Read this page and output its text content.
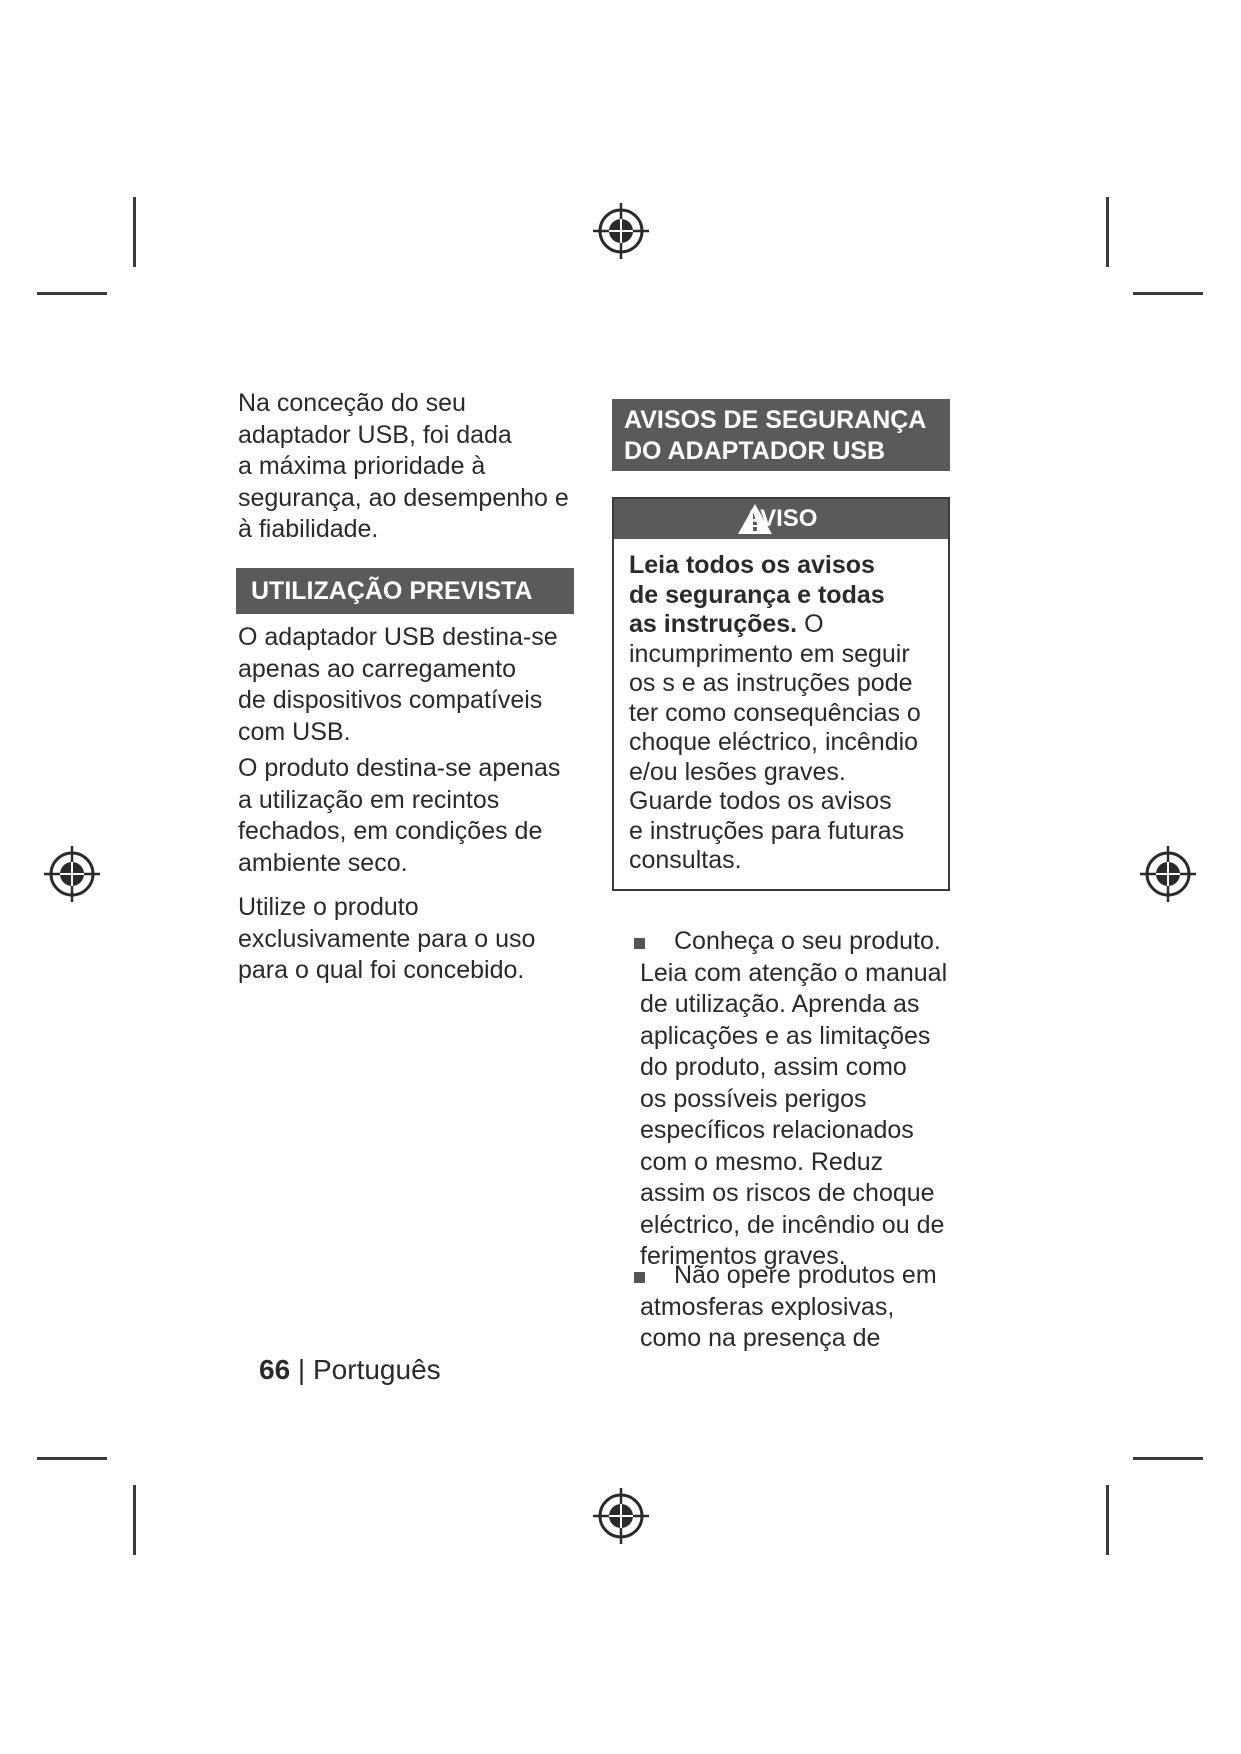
Na conceção do seu
adaptador USB, foi dada
a máxima prioridade à
segurança, ao desempenho e
à fiabilidade.
UTILIZAÇÃO PREVISTA
O adaptador USB destina-se
apenas ao carregamento
de dispositivos compatíveis
com USB.
O produto destina-se apenas
a utilização em recintos
fechados, em condições de
ambiente seco.
Utilize o produto
exclusivamente para o uso
para o qual foi concebido.
AVISOS DE SEGURANÇA
DO ADAPTADOR USB
AVISO
Leia todos os avisos
de segurança e todas
as instruções. O
incumprimento em seguir
os s e as instruções pode
ter como consequências o
choque eléctrico, incêndio
e/ou lesões graves.
Guarde todos os avisos
e instruções para futuras
consultas.
Conheça o seu produto.
Leia com atenção o manual
de utilização. Aprenda as
aplicações e as limitações
do produto, assim como
os possíveis perigos
específicos relacionados
com o mesmo. Reduz
assim os riscos de choque
eléctrico, de incêndio ou de
ferimentos graves.
Não opere produtos em
atmosferas explosivas,
como na presença de
66 | Português
